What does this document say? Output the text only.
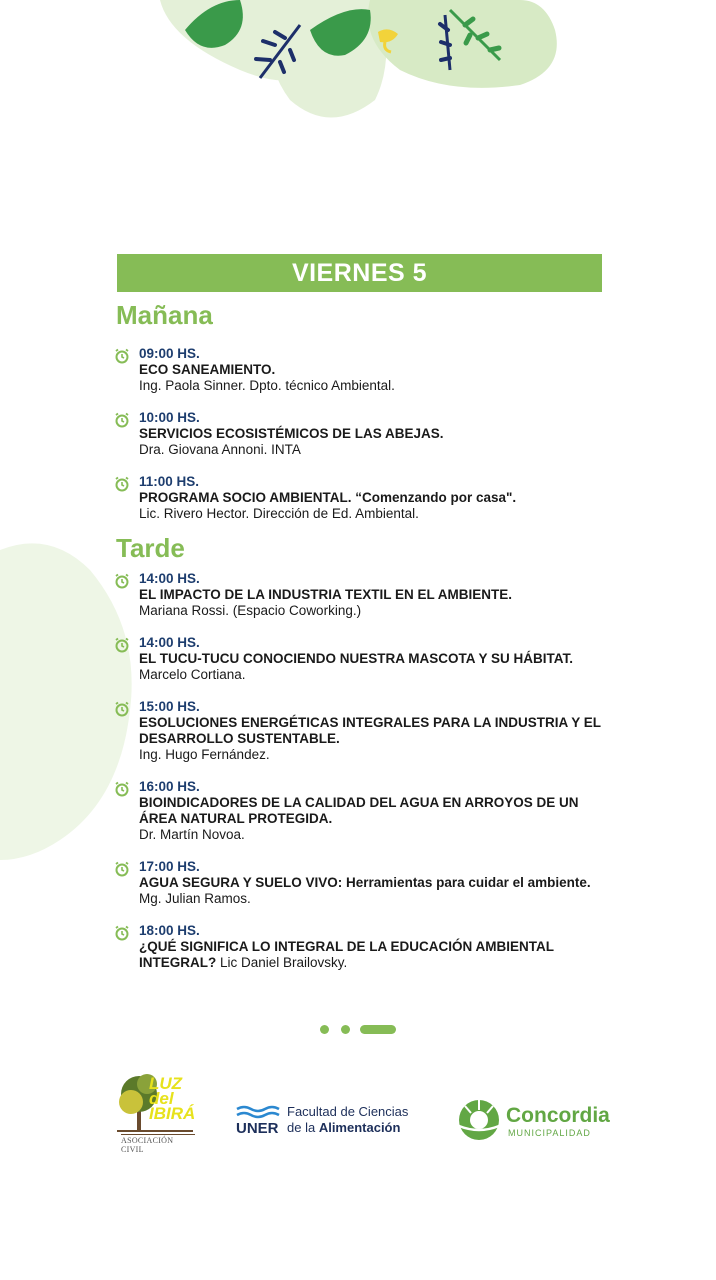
VIERNES 5
Mañana
09:00 HS.
ECO SANEAMIENTO.
Ing. Paola Sinner. Dpto. técnico Ambiental.
10:00 HS.
SERVICIOS ECOSISTÉMICOS DE LAS ABEJAS.
Dra. Giovana Annoni. INTA
11:00 HS.
PROGRAMA SOCIO AMBIENTAL. “Comenzando por casa".
Lic. Rivero Hector. Dirección de Ed. Ambiental.
Tarde
14:00 HS.
EL IMPACTO DE LA INDUSTRIA TEXTIL EN EL AMBIENTE.
Mariana Rossi. (Espacio Coworking.)
14:00 HS.
EL TUCU-TUCU CONOCIENDO NUESTRA MASCOTA Y SU HÁBITAT. Marcelo Cortiana.
15:00 HS.
ESOLUCIONES ENERGÉTICAS INTEGRALES PARA LA INDUSTRIA Y EL DESARROLLO SUSTENTABLE.
Ing. Hugo Fernández.
16:00 HS.
BIOINDICADORES DE LA CALIDAD DEL AGUA EN ARROYOS DE UN ÁREA NATURAL PROTEGIDA.
Dr. Martín Novoa.
17:00 HS.
AGUA SEGURA Y SUELO VIVO: Herramientas para cuidar el ambiente. Mg. Julian Ramos.
18:00 HS.
¿QUÉ SIGNIFICA LO INTEGRAL DE LA EDUCACIÓN AMBIENTAL INTEGRAL? Lic Daniel Brailovsky.
LUZ
del
IBIRÁ
ASOCIACIÓN CIVIL
UNER
Facultad de Ciencias
de la Alimentación
Concordia
MUNICIPALIDAD
